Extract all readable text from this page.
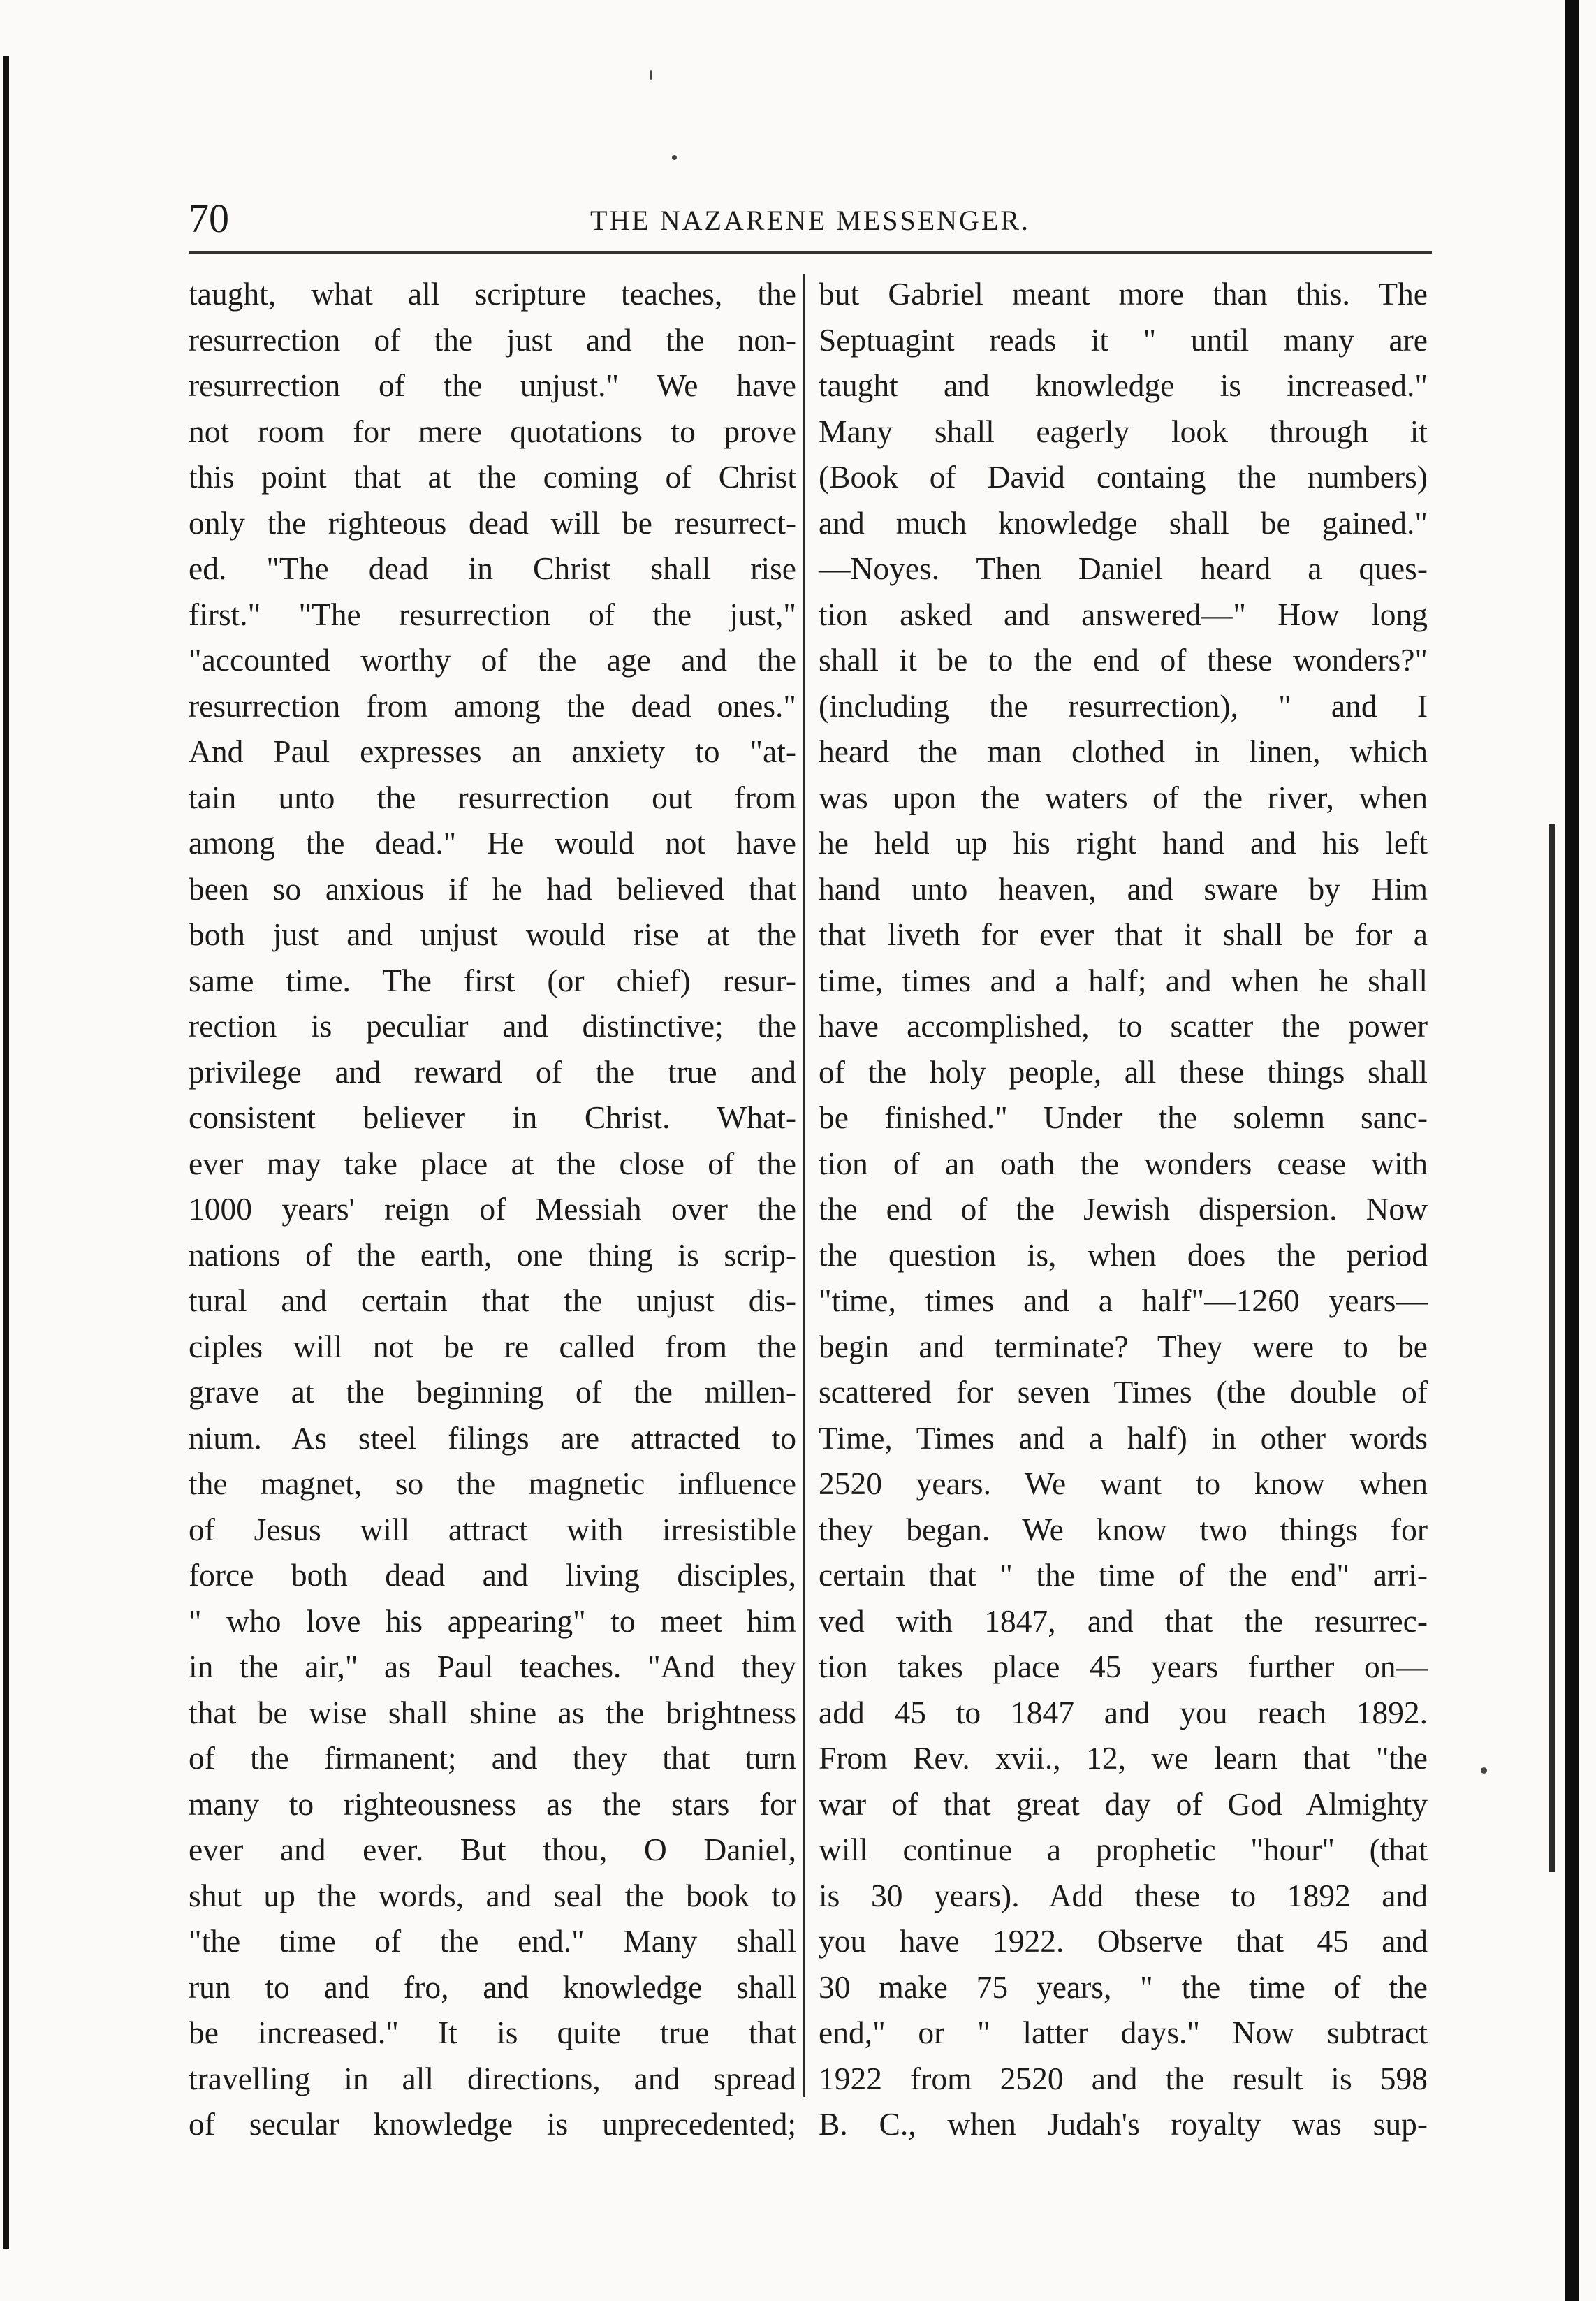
70	THE NAZARENE MESSENGER.
taught, what all scripture teaches, the
resurrection of the just and the non-
resurrection of the unjust." We have
not room for mere quotations to prove
this point that at the coming of Christ
only the righteous dead will be resurrect-
ed. "The dead in Christ shall rise
first." "The resurrection of the just,"
"accounted worthy of the age and the
resurrection from among the dead ones."
And Paul expresses an anxiety to "at-
tain unto the resurrection out from
among the dead." He would not have
been so anxious if he had believed that
both just and unjust would rise at the
same time. The first (or chief) resur-
rection is peculiar and distinctive; the
privilege and reward of the true and
consistent believer in Christ. What-
ever may take place at the close of the
1000 years' reign of Messiah over the
nations of the earth, one thing is scrip-
tural and certain that the unjust dis-
ciples will not be re called from the
grave at the beginning of the millen-
nium. As steel filings are attracted to
the magnet, so the magnetic influence
of Jesus will attract with irresistible
force both dead and living disciples,
" who love his appearing" to meet him
in the air," as Paul teaches. "And they
that be wise shall shine as the brightness
of the firmanent; and they that turn
many to righteousness as the stars for
ever and ever. But thou, O Daniel,
shut up the words, and seal the book to
"the time of the end." Many shall
run to and fro, and knowledge shall
be increased." It is quite true that
travelling in all directions, and spread
of secular knowledge is unprecedented;
but Gabriel meant more than this. The
Septuagint reads it " until many are
taught and knowledge is increased."
Many shall eagerly look through it
(Book of David containg the numbers)
and much knowledge shall be gained."
—Noyes. Then Daniel heard a ques-
tion asked and answered—" How long
shall it be to the end of these wonders?"
(including the resurrection), " and I
heard the man clothed in linen, which
was upon the waters of the river, when
he held up his right hand and his left
hand unto heaven, and sware by Him
that liveth for ever that it shall be for a
time, times and a half; and when he shall
have accomplished, to scatter the power
of the holy people, all these things shall
be finished." Under the solemn sanc-
tion of an oath the wonders cease with
the end of the Jewish dispersion. Now
the question is, when does the period
"time, times and a half"—1260 years—
begin and terminate? They were to be
scattered for seven Times (the double of
Time, Times and a half) in other words
2520 years. We want to know when
they began. We know two things for
certain that " the time of the end" arri-
ved with 1847, and that the resurrec-
tion takes place 45 years further on—
add 45 to 1847 and you reach 1892.
From Rev. xvii., 12, we learn that "the
war of that great day of God Almighty
will continue a prophetic "hour" (that
is 30 years). Add these to 1892 and
you have 1922. Observe that 45 and
30 make 75 years, " the time of the
end," or " latter days." Now subtract
1922 from 2520 and the result is 598
B. C., when Judah's royalty was sup-
